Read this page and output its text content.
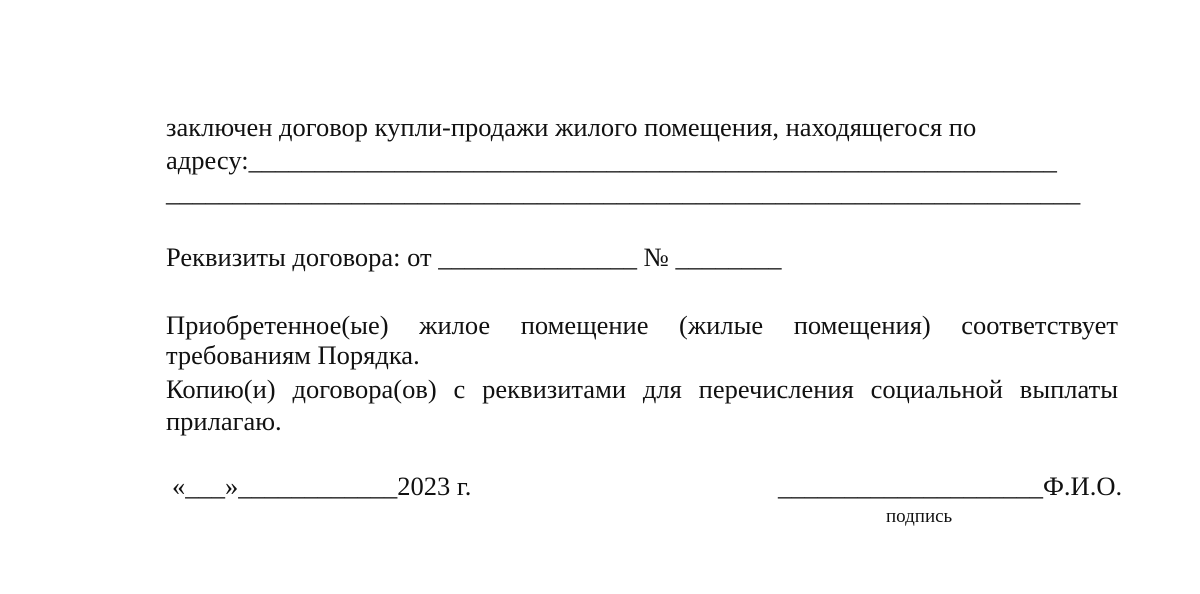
заключен договор купли-продажи жилого помещения, находящегося по
адресу:_____________________________________________________________
_____________________________________________________________________
Реквизиты договора: от _______________ № ________
Приобретенное(ые) жилое помещение (жилые помещения) соответствует
требованиям Порядка.
Копию(и) договора(ов) с реквизитами для перечисления социальной выплаты
прилагаю.
«___»____________2023 г.	____________________Ф.И.О.
подпись
